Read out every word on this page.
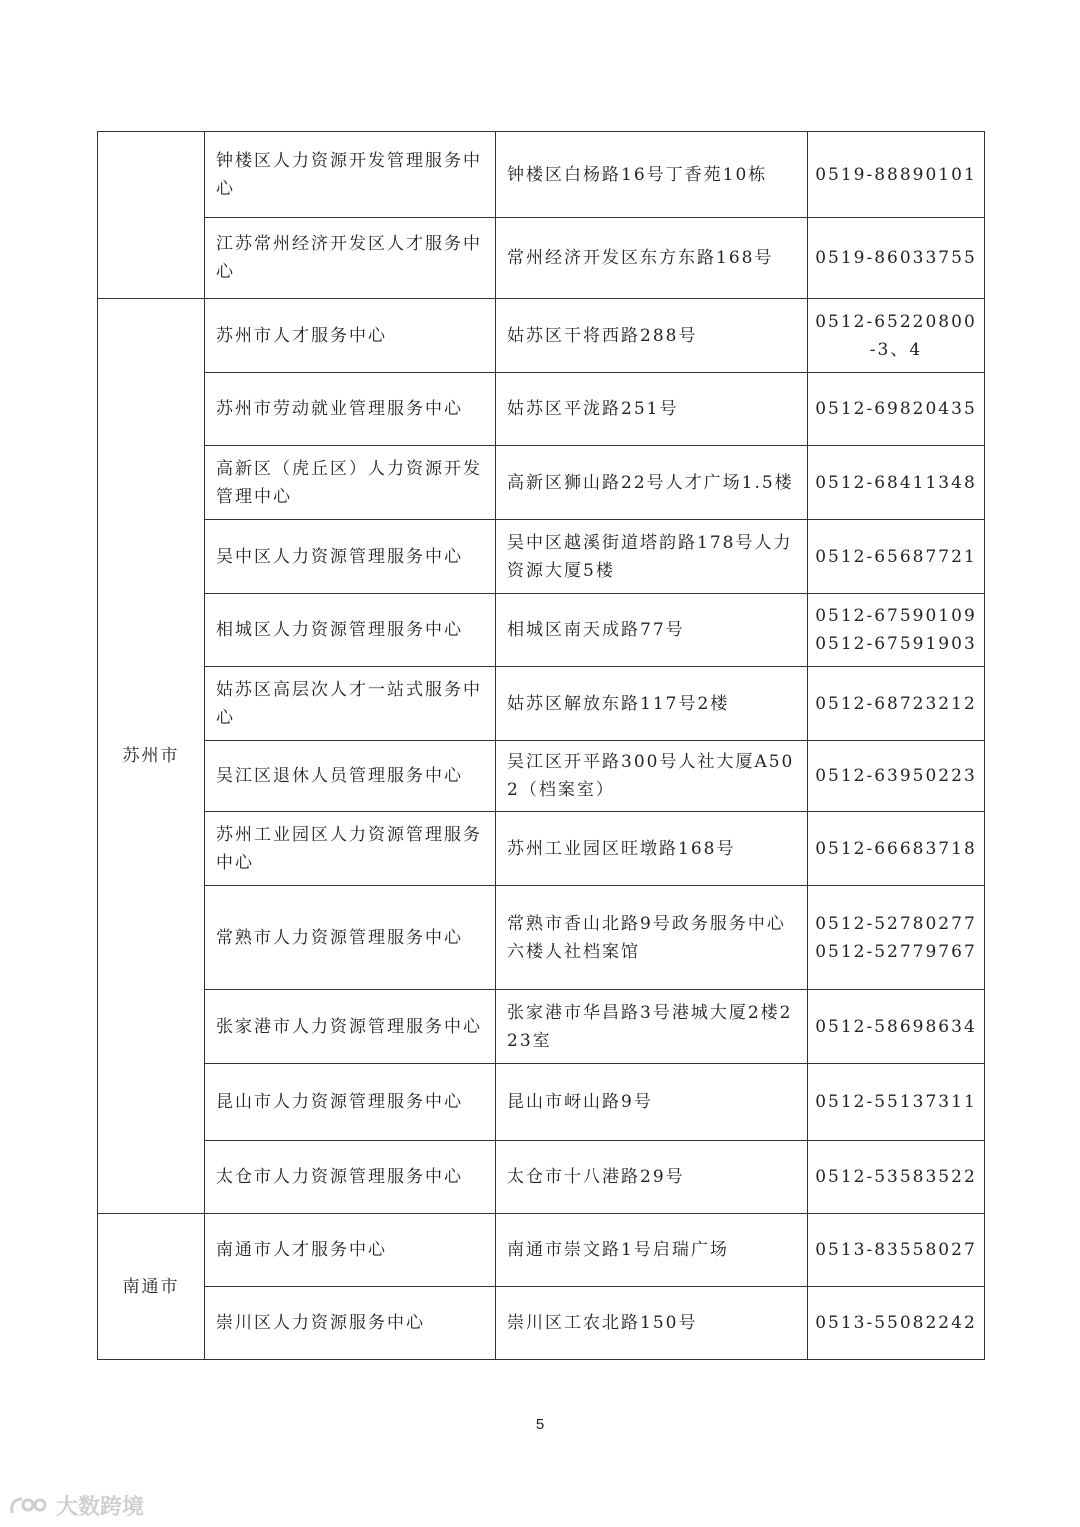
	钟楼区人力资源开发管理服务中心	钟楼区白杨路16号丁香苑10栋	0519-88890101

	江苏常州经济开发区人才服务中心	常州经济开发区东方东路168号	0519-86033755

苏州市	苏州市人才服务中心	姑苏区干将西路288号	0512-65220800-3、4

	苏州市劳动就业管理服务中心	姑苏区平泷路251号	0512-69820435

	高新区（虎丘区）人力资源开发管理中心	高新区狮山路22号人才广场1.5楼	0512-68411348

	吴中区人力资源管理服务中心	吴中区越溪街道塔韵路178号人力资源大厦5楼	0512-65687721

	相城区人力资源管理服务中心	相城区南天成路77号	0512-67590109
0512-67591903

	姑苏区高层次人才一站式服务中心	姑苏区解放东路117号2楼	0512-68723212

	吴江区退休人员管理服务中心	吴江区开平路300号人社大厦A502（档案室）	0512-63950223

	苏州工业园区人力资源管理服务中心	苏州工业园区旺墩路168号	0512-66683718

	常熟市人力资源管理服务中心	常熟市香山北路9号政务服务中心六楼人社档案馆	0512-52780277
0512-52779767

	张家港市人力资源管理服务中心	张家港市华昌路3号港城大厦2楼223室	0512-58698634

	昆山市人力资源管理服务中心	昆山市岈山路9号	0512-55137311

	太仓市人力资源管理服务中心	太仓市十八港路29号	0512-53583522

南通市	南通市人才服务中心	南通市崇文路1号启瑞广场	0513-83558027

	崇川区人力资源服务中心	崇川区工农北路150号	0513-55082242
5
大数跨境
